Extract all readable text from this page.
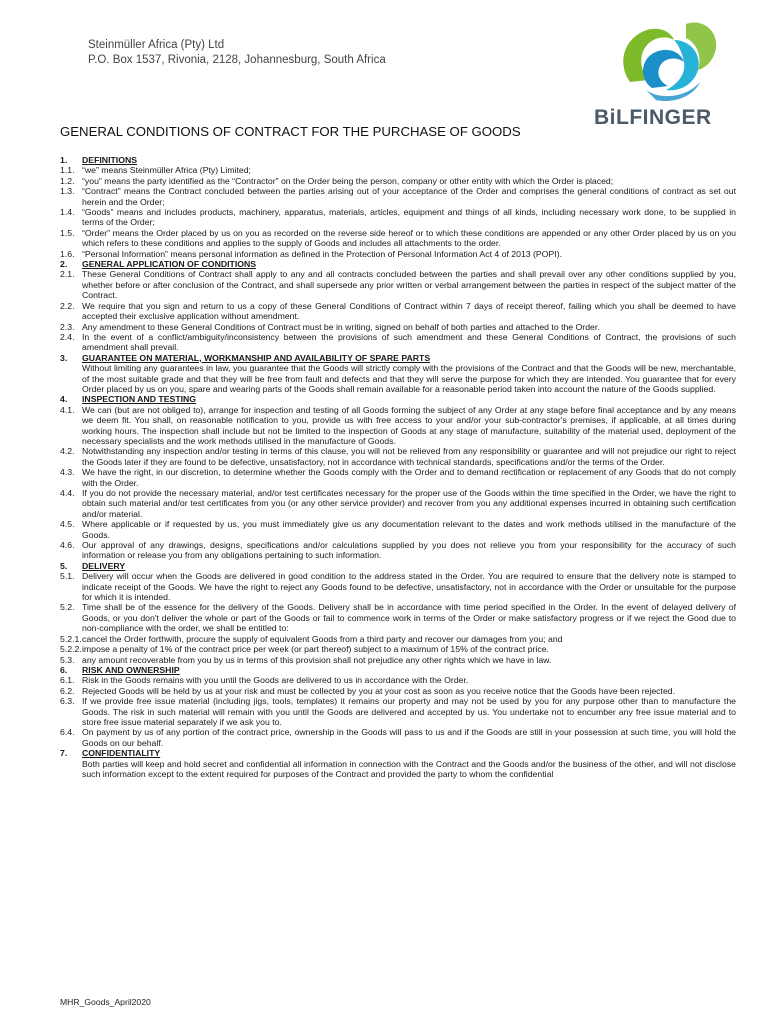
Steinmüller Africa (Pty) Ltd
P.O. Box 1537, Rivonia, 2128, Johannesburg, South Africa
BiLFINGER
GENERAL CONDITIONS OF CONTRACT FOR THE PURCHASE OF GOODS
1.	DEFINITIONS
1.1. “we” means Steinmüller Africa (Pty) Limited;
1.2. “you” means the party identified as the “Contractor” on the Order being the person, company or other entity with which the Order is placed;
1.3. “Contract” means the Contract concluded between the parties arising out of your acceptance of the Order and comprises the general conditions of contract as set out herein and the Order;
1.4. “Goods” means and includes products, machinery, apparatus, materials, articles, equipment and things of all kinds, including necessary work done, to be supplied in terms of the Order;
1.5. “Order” means the Order placed by us on you as recorded on the reverse side hereof or to which these conditions are appended or any other Order placed by us on you which refers to these conditions and applies to the supply of Goods and includes all attachments to the order.
1.6. “Personal Information” means personal information as defined in the Protection of Personal Information Act 4 of 2013 (POPI).
2.	GENERAL APPLICATION OF CONDITIONS
2.1. These General Conditions of Contract shall apply to any and all contracts concluded between the parties and shall prevail over any other conditions supplied by you, whether before or after conclusion of the Contract, and shall supersede any prior written or verbal arrangement between the parties in respect of the subject matter of the Contract.
2.2. We require that you sign and return to us a copy of these General Conditions of Contract within 7 days of receipt thereof, failing which you shall be deemed to have accepted their exclusive application without amendment.
2.3. Any amendment to these General Conditions of Contract must be in writing, signed on behalf of both parties and attached to the Order.
2.4. In the event of a conflict/ambiguity/inconsistency between the provisions of such amendment and these General Conditions of Contract, the provisions of such amendment shall prevail.
3.	GUARANTEE ON MATERIAL, WORKMANSHIP AND AVAILABILITY OF SPARE PARTS
Without limiting any guarantees in law, you guarantee that the Goods will strictly comply with the provisions of the Contract and that the Goods will be new, merchantable, of the most suitable grade and that they will be free from fault and defects and that they will serve the purpose for which they are intended. You guarantee that for every Order placed by us on you, spare and wearing parts of the Goods shall remain available for a reasonable period taken into account the nature of the Goods supplied.
4.	INSPECTION AND TESTING
4.1. We can (but are not obliged to), arrange for inspection and testing of all Goods forming the subject of any Order at any stage before final acceptance and by any means we deem fit. You shall, on reasonable notification to you, provide us with free access to your and/or your sub-contractor's premises, if applicable, at all times during working hours. The inspection shall include but not be limited to the inspection of Goods at any stage of manufacture, suitability of the material used, deployment of the necessary specialists and the work methods utilised in the manufacture of Goods.
4.2. Notwithstanding any inspection and/or testing in terms of this clause, you will not be relieved from any responsibility or guarantee and will not prejudice our right to reject the Goods later if they are found to be defective, unsatisfactory, not in accordance with technical standards, specifications and/or the terms of the Order.
4.3. We have the right, in our discretion, to determine whether the Goods comply with the Order and to demand rectification or replacement of any Goods that do not comply with the Order.
4.4. If you do not provide the necessary material, and/or test certificates necessary for the proper use of the Goods within the time specified in the Order, we have the right to obtain such material and/or test certificates from you (or any other service provider) and recover from you any additional expenses incurred in obtaining such certification and/or material.
4.5. Where applicable or if requested by us, you must immediately give us any documentation relevant to the dates and work methods utilised in the manufacture of the Goods.
4.6. Our approval of any drawings, designs, specifications and/or calculations supplied by you does not relieve you from your responsibility for the accuracy of such information or release you from any obligations pertaining to such information.
5.	DELIVERY
5.1. Delivery will occur when the Goods are delivered in good condition to the address stated in the Order. You are required to ensure that the delivery note is stamped to indicate receipt of the Goods. We have the right to reject any Goods found to be defective, unsatisfactory, not in accordance with the Order or unsuitable for the purpose for which it is intended.
5.2. Time shall be of the essence for the delivery of the Goods. Delivery shall be in accordance with time period specified in the Order. In the event of delayed delivery of Goods, or you don't deliver the whole or part of the Goods or fail to commence work in terms of the Order or make satisfactory progress or if we reject the Good due to non-compliance with the order, we shall be entitled to:
5.2.1. cancel the Order forthwith, procure the supply of equivalent Goods from a third party and recover our damages from you; and
5.2.2. impose a penalty of 1% of the contract price per week (or part thereof) subject to a maximum of 15% of the contract price.
5.3. any amount recoverable from you by us in terms of this provision shall not prejudice any other rights which we have in law.
6.	RISK AND OWNERSHIP
6.1. Risk in the Goods remains with you until the Goods are delivered to us in accordance with the Order.
6.2. Rejected Goods will be held by us at your risk and must be collected by you at your cost as soon as you receive notice that the Goods have been rejected.
6.3. If we provide free issue material (including jigs, tools, templates) it remains our property and may not be used by you for any purpose other than to manufacture the Goods. The risk in such material will remain with you until the Goods are delivered and accepted by us. You undertake not to encumber any free issue material and to store free issue material separately if we ask you to.
6.4. On payment by us of any portion of the contract price, ownership in the Goods will pass to us and if the Goods are still in your possession at such time, you will hold the Goods on our behalf.
7.	CONFIDENTIALITY
Both parties will keep and hold secret and confidential all information in connection with the Contract and the Goods and/or the business of the other, and will not disclose such information except to the extent required for purposes of the Contract and provided the party to whom the confidential
MHR_Goods_April2020
